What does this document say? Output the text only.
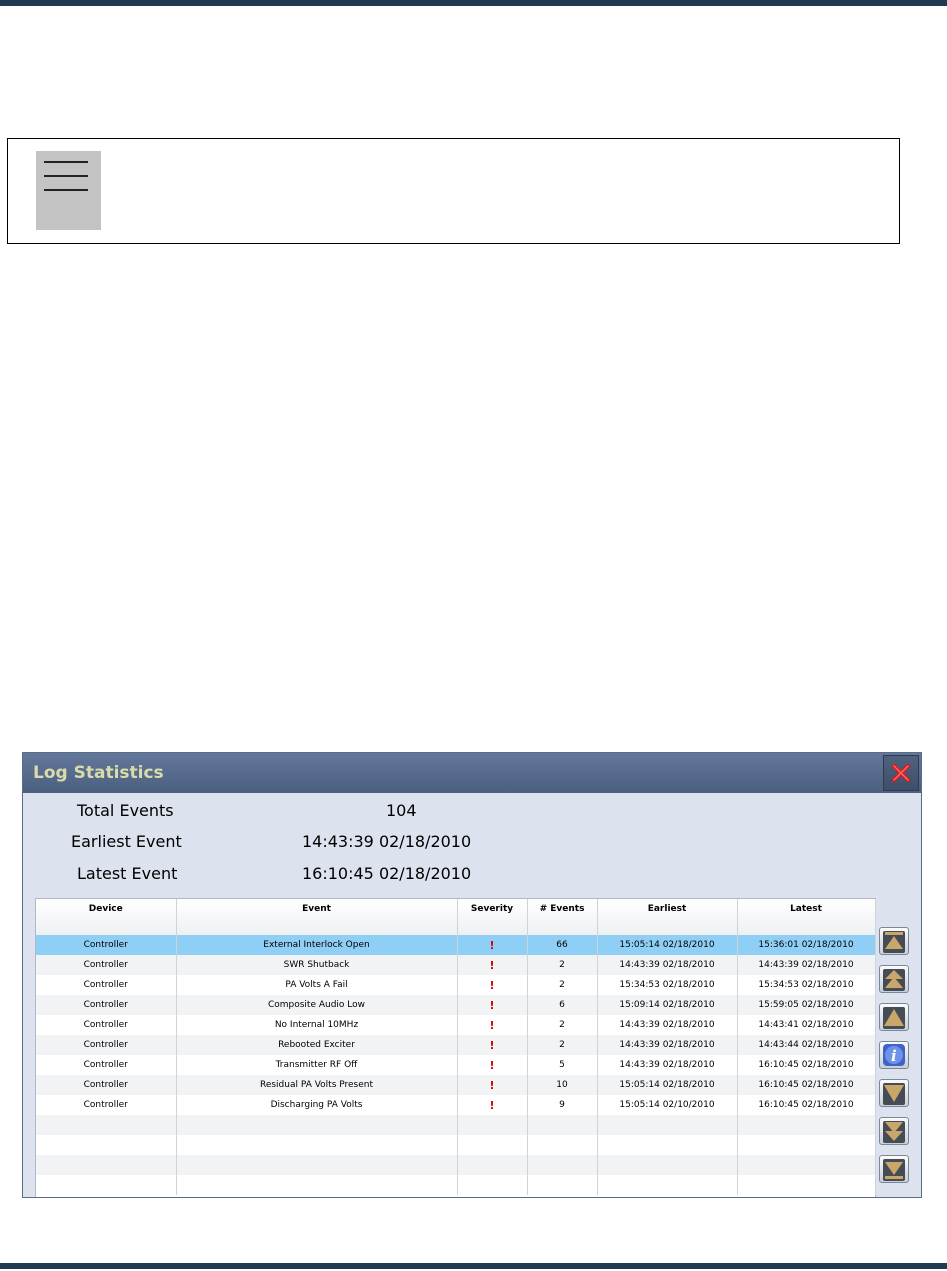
Log Statistics
Total Events	104
Earliest Event	14:43:39 02/18/2010
Latest Event	16:10:45 02/18/2010
Device	Event	Severity	# Events	Earliest	Latest
Controller	External Interlock Open	!	66	15:05:14 02/18/2010	15:36:01 02/18/2010
Controller	SWR Shutback	!	2	14:43:39 02/18/2010	14:43:39 02/18/2010
Controller	PA Volts A Fail	!	2	15:34:53 02/18/2010	15:34:53 02/18/2010
Controller	Composite Audio Low	!	6	15:09:14 02/18/2010	15:59:05 02/18/2010
Controller	No Internal 10MHz	!	2	14:43:39 02/18/2010	14:43:41 02/18/2010
Controller	Rebooted Exciter	!	2	14:43:39 02/18/2010	14:43:44 02/18/2010
Controller	Transmitter RF Off	!	5	14:43:39 02/18/2010	16:10:45 02/18/2010
Controller	Residual PA Volts Present	!	10	15:05:14 02/18/2010	16:10:45 02/18/2010
Controller	Discharging PA Volts	!	9	15:05:14 02/10/2010	16:10:45 02/18/2010

i
